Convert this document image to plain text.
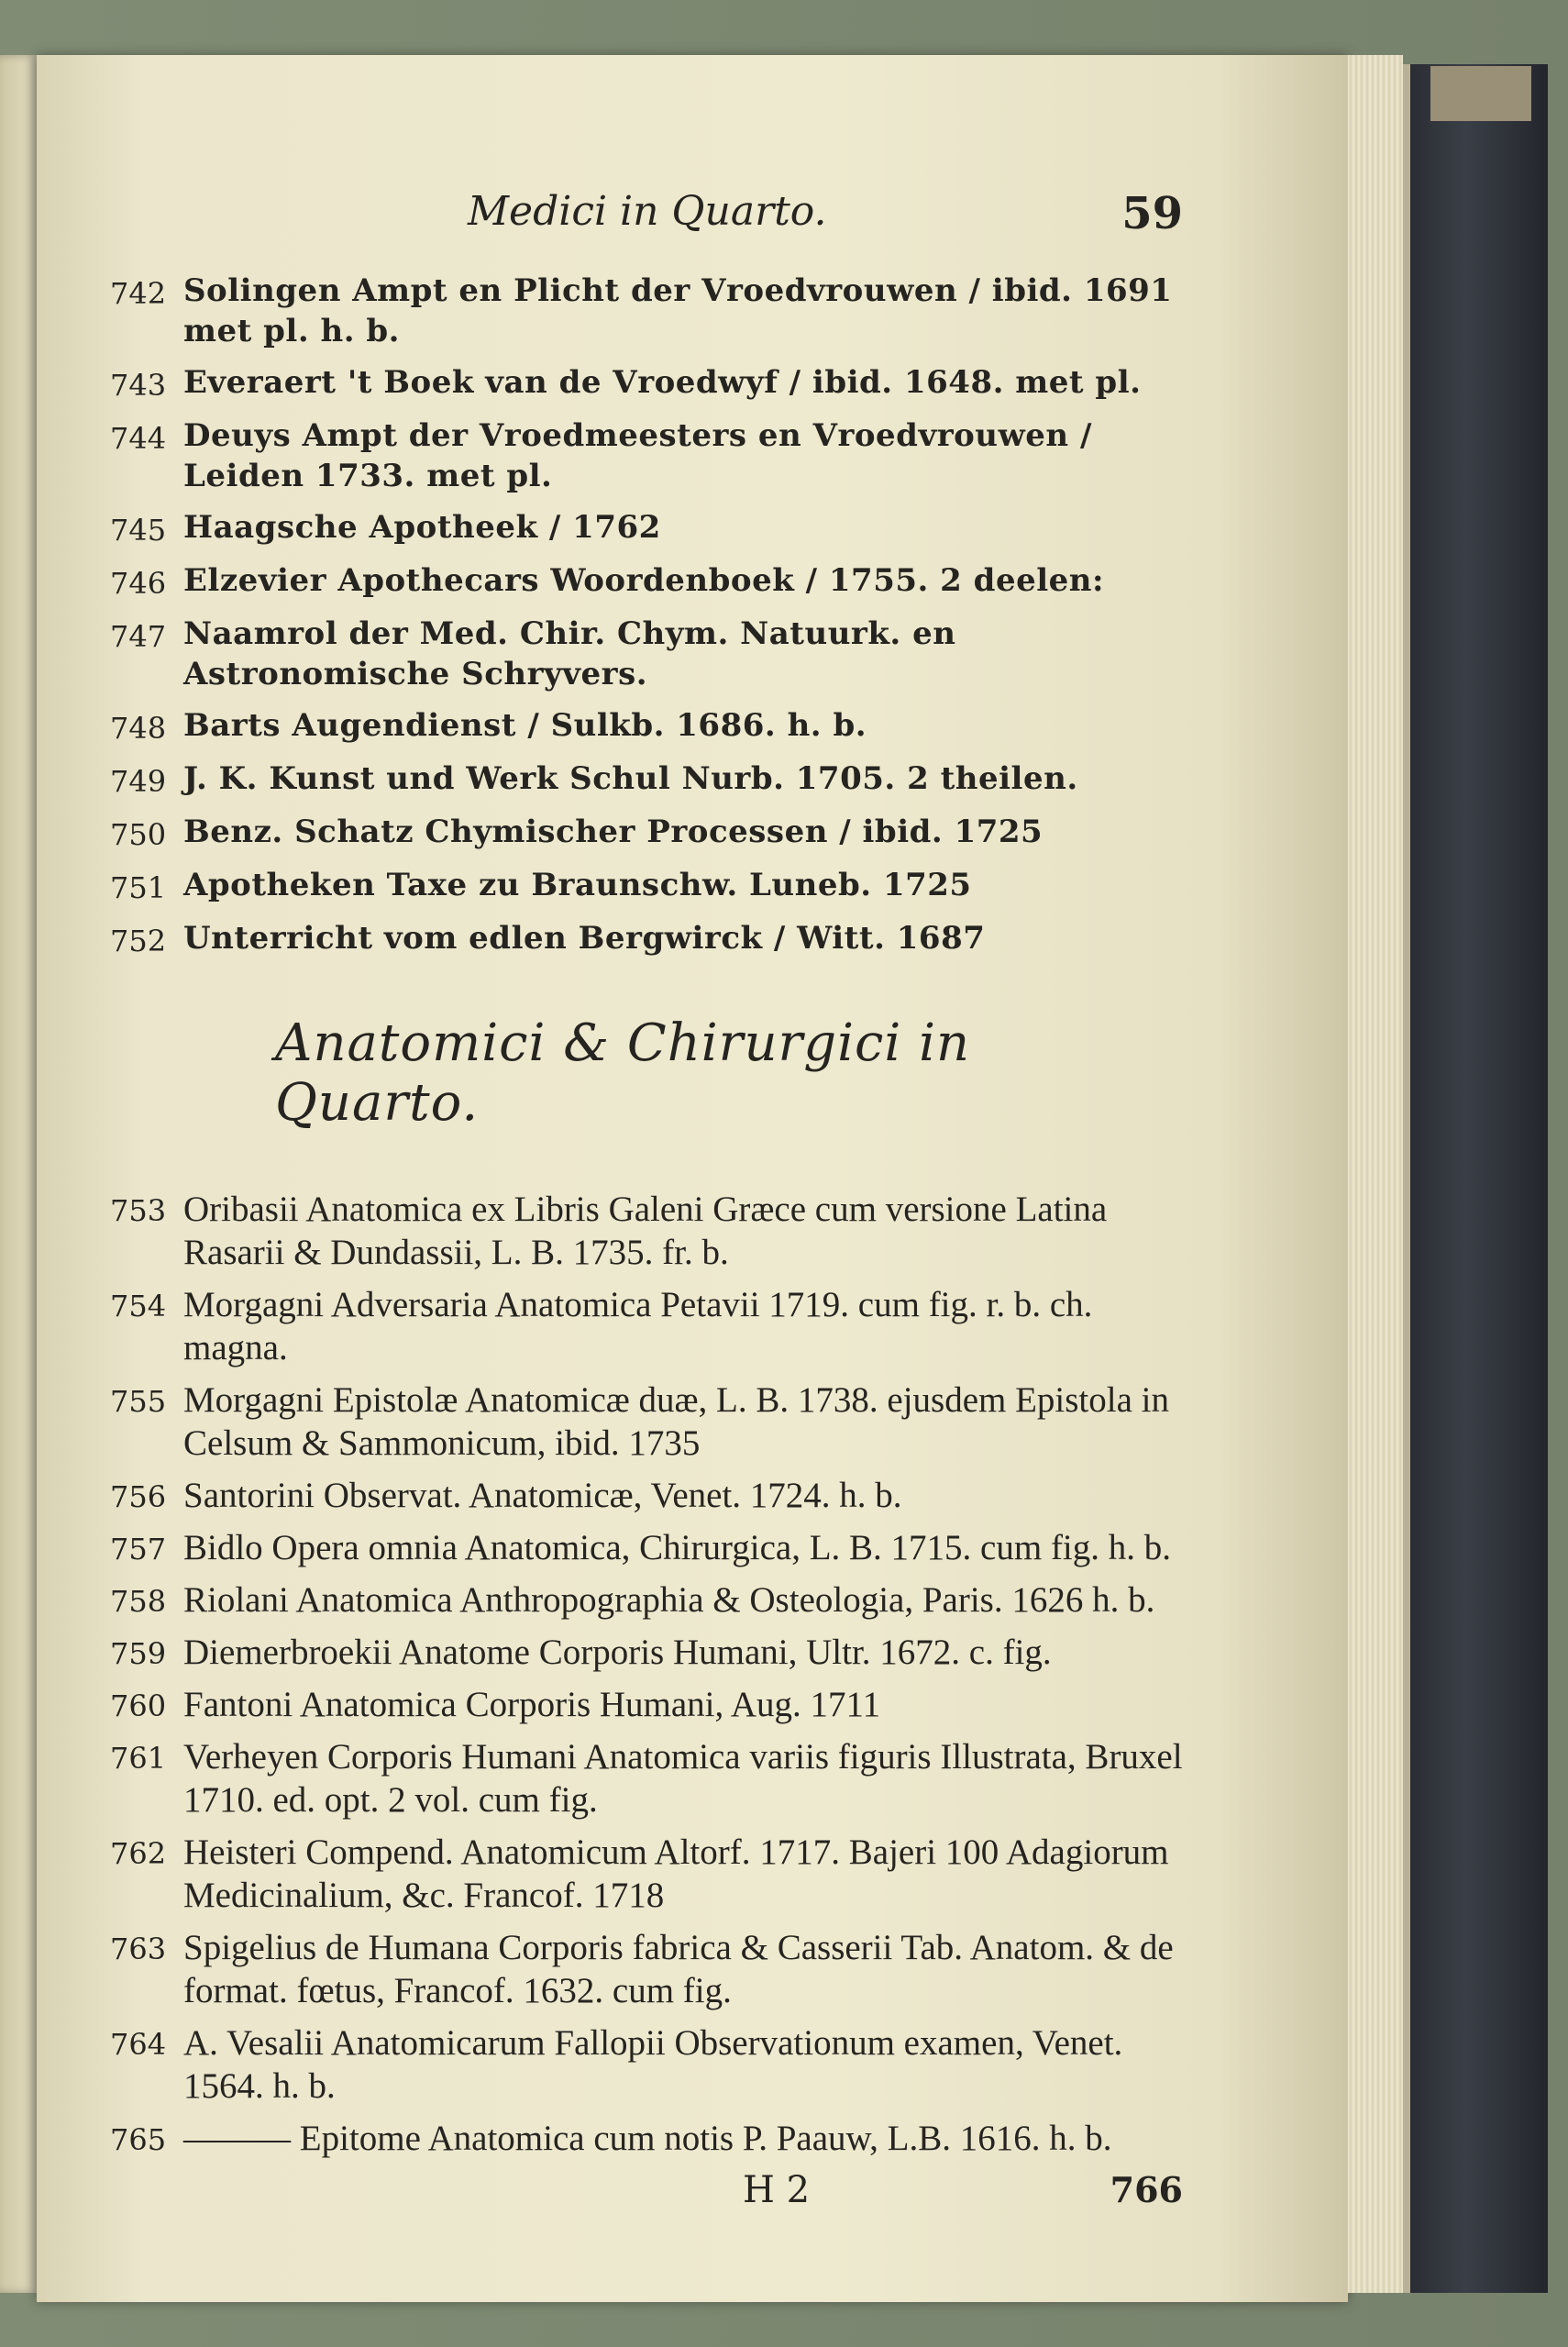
Medici in Quarto.	59
742 Solingen Ampt en Plicht der Vroedvrouwen / ibid. 1691 met pl. h. b.
743 Everaert 't Boek van de Vroedwyf / ibid. 1648. met pl.
744 Deuys Ampt der Vroedmeesters en Vroedvrouwen / Leiden 1733. met pl.
745 Haagsche Apotheek / 1762
746 Elzevier Apothecars Woordenboek / 1755. 2 deelen:
747 Naamrol der Med. Chir. Chym. Natuurk. en Astronomische Schryvers.
748 Barts Augendienst / Sulkb. 1686. h. b.
749 J. K. Kunst und Werk Schul Nurb. 1705. 2 theilen.
750 Benz. Schatz Chymischer Processen / ibid. 1725
751 Apotheken Taxe zu Braunschw. Luneb. 1725
752 Unterricht vom edlen Bergwirck / Witt. 1687
Anatomici & Chirurgici in Quarto.
753 Oribasii Anatomica ex Libris Galeni Græce cum versione Latina Rasarii & Dundassii, L. B. 1735. fr. b.
754 Morgagni Adversaria Anatomica Petavii 1719. cum fig. r. b. ch. magna.
755 Morgagni Epistolæ Anatomicæ duæ, L. B. 1738. ejusdem Epistola in Celsum & Sammonicum, ibid. 1735
756 Santorini Observat. Anatomicæ, Venet. 1724. h. b.
757 Bidlo Opera omnia Anatomica, Chirurgica, L. B. 1715. cum fig. h. b.
758 Riolani Anatomica Anthropographia & Osteologia, Paris. 1626 h. b.
759 Diemerbroekii Anatome Corporis Humani, Ultr. 1672. c. fig.
760 Fantoni Anatomica Corporis Humani, Aug. 1711
761 Verheyen Corporis Humani Anatomica variis figuris Illustrata, Bruxel 1710. ed. opt. 2 vol. cum fig.
762 Heisteri Compend. Anatomicum Altorf. 1717. Bajeri 100 Adagiorum Medicinalium, &c. Francof. 1718
763 Spigelius de Humana Corporis fabrica & Casserii Tab. Anatom. & de format. fœtus, Francof. 1632. cum fig.
764 A. Vesalii Anatomicarum Fallopii Observationum examen, Venet. 1564. h. b.
765 ——— Epitome Anatomica cum notis P. Paauw, L.B. 1616. h. b.
H 2	766
